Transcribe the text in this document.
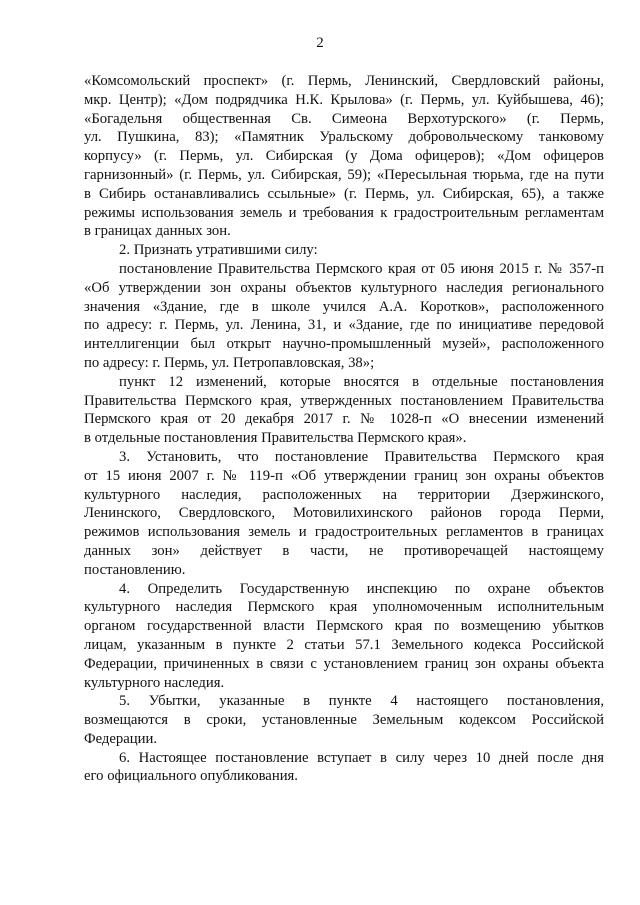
2

«Комсомольский проспект» (г. Пермь, Ленинский, Свердловский районы,
мкр. Центр); «Дом подрядчика Н.К. Крылова» (г. Пермь, ул. Куйбышева, 46);
«Богадельня общественная Св. Симеона Верхотурского» (г. Пермь,
ул. Пушкина, 83); «Памятник Уральскому добровольческому танковому
корпусу» (г. Пермь, ул. Сибирская (у Дома офицеров); «Дом офицеров
гарнизонный» (г. Пермь, ул. Сибирская, 59); «Пересыльная тюрьма, где на пути
в Сибирь останавливались ссыльные» (г. Пермь, ул. Сибирская, 65), а также
режимы использования земель и требования к градостроительным регламентам
в границах данных зон.

2. Признать утратившими силу:

постановление Правительства Пермского края от 05 июня 2015 г. № 357-п
«Об утверждении зон охраны объектов культурного наследия регионального
значения «Здание, где в школе учился А.А. Коротков», расположенного
по адресу: г. Пермь, ул. Ленина, 31, и «Здание, где по инициативе передовой
интеллигенции был открыт научно-промышленный музей», расположенного
по адресу: г. Пермь, ул. Петропавловская, 38»;

пункт 12 изменений, которые вносятся в отдельные постановления
Правительства Пермского края, утвержденных постановлением Правительства
Пермского края от 20 декабря 2017 г. № 1028-п «О внесении изменений
в отдельные постановления Правительства Пермского края».

3. Установить, что постановление Правительства Пермского края
от 15 июня 2007 г. № 119-п «Об утверждении границ зон охраны объектов
культурного наследия, расположенных на территории Дзержинского,
Ленинского, Свердловского, Мотовилихинского районов города Перми,
режимов использования земель и градостроительных регламентов в границах
данных зон» действует в части, не противоречащей настоящему
постановлению.

4. Определить Государственную инспекцию по охране объектов
культурного наследия Пермского края уполномоченным исполнительным
органом государственной власти Пермского края по возмещению убытков
лицам, указанным в пункте 2 статьи 57.1 Земельного кодекса Российской
Федерации, причиненных в связи с установлением границ зон охраны объекта
культурного наследия.

5. Убытки, указанные в пункте 4 настоящего постановления,
возмещаются в сроки, установленные Земельным кодексом Российской
Федерации.

6. Настоящее постановление вступает в силу через 10 дней после дня
его официального опубликования.
